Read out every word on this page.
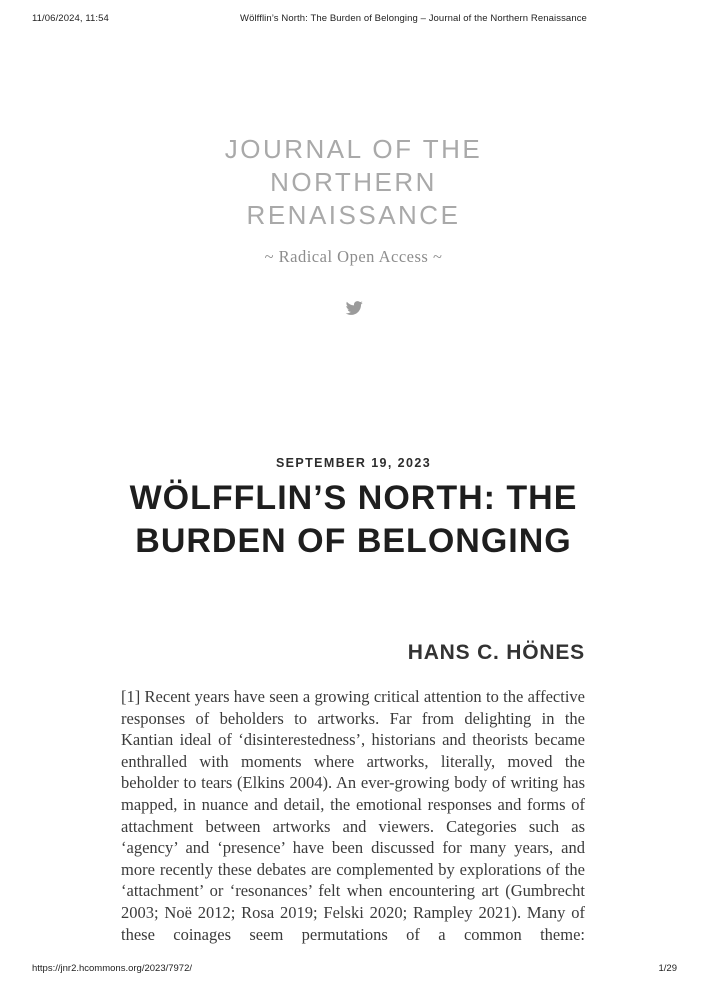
11/06/2024, 11:54	Wölfflin’s North: The Burden of Belonging – Journal of the Northern Renaissance
JOURNAL OF THE
NORTHERN
RENAISSANCE
~ Radical Open Access ~
SEPTEMBER 19, 2023
WÖLFFLIN’S NORTH: THE
BURDEN OF BELONGING
HANS C. HÖNES

[1] Recent years have seen a growing critical attention to the affective responses of beholders to artworks. Far from delighting in the Kantian ideal of ‘disinterestedness’, historians and theorists became enthralled with moments where artworks, literally, moved the beholder to tears (Elkins 2004). An ever-growing body of writing has mapped, in nuance and detail, the emotional responses and forms of attachment between artworks and viewers. Categories such as ‘agency’ and ‘presence’ have been discussed for many years, and more recently these debates are complemented by explorations of the ‘attachment’ or ‘resonances’ felt when encountering art (Gumbrecht 2003; Noë 2012; Rosa 2019; Felski 2020; Rampley 2021). Many of these coinages seem permutations of a common theme:

https://jnr2.hcommons.org/2023/7972/	1/29
